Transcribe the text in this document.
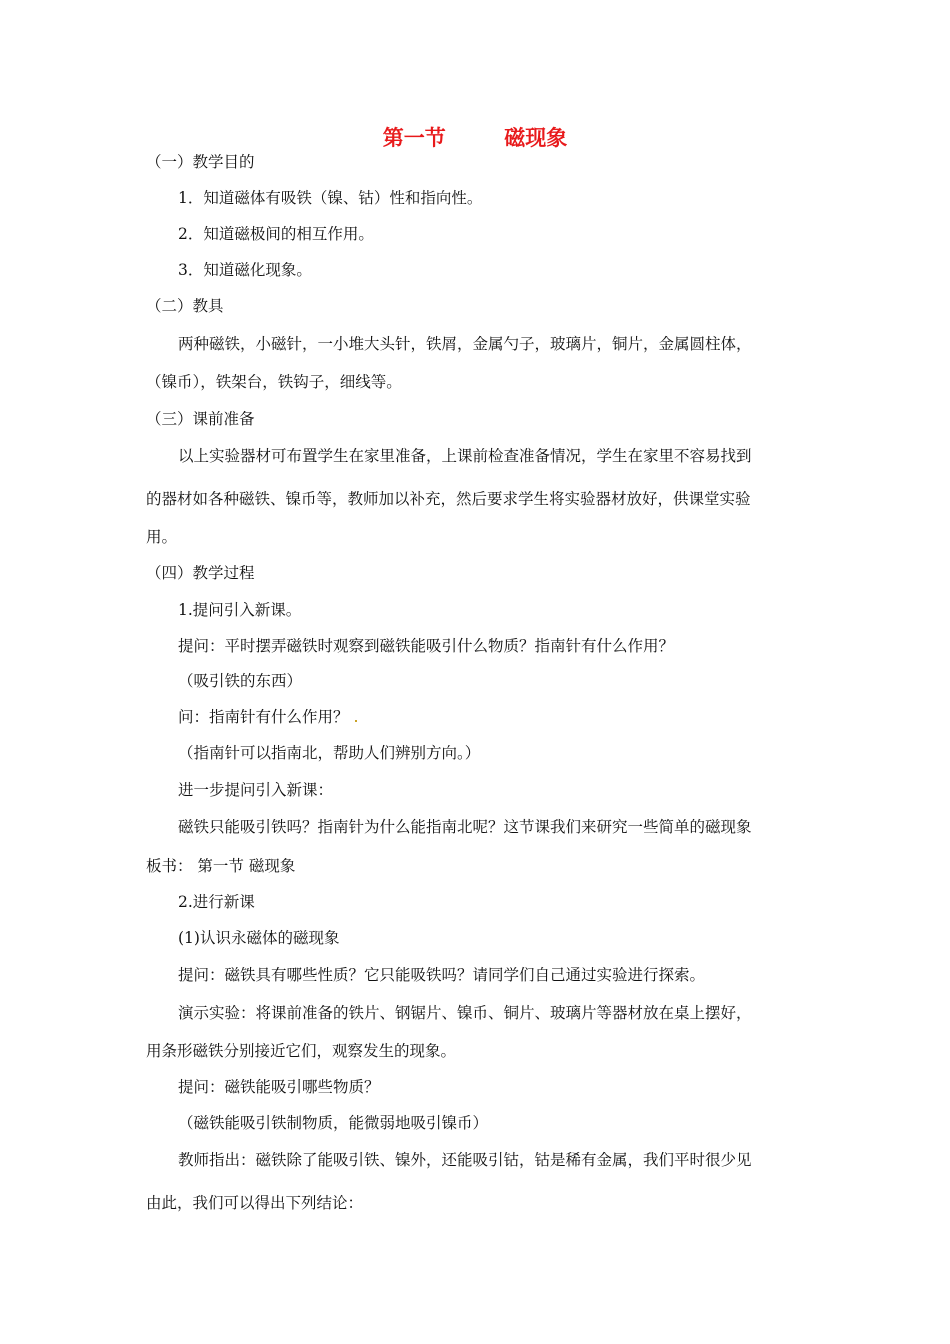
第一节        磁现象
（一）教学目的
1．知道磁体有吸铁（镍、钴）性和指向性。
2．知道磁极间的相互作用。
3．知道磁化现象。
（二）教具
两种磁铁，小磁针，一小堆大头针，铁屑，金属勺子，玻璃片，铜片，金属圆柱体，
（镍币），铁架台，铁钩子，细线等。
（三）课前准备
以上实验器材可布置学生在家里准备，上课前检查准备情况，学生在家里不容易找到
的器材如各种磁铁、镍币等，教师加以补充，然后要求学生将实验器材放好，供课堂实验
用。
（四）教学过程
1.提问引入新课。
提问：平时摆弄磁铁时观察到磁铁能吸引什么物质？指南针有什么作用？
（吸引铁的东西）
问：指南针有什么作用？
（指南针可以指南北，帮助人们辨别方向。）
进一步提问引入新课：
磁铁只能吸引铁吗？指南针为什么能指南北呢？这节课我们来研究一些简单的磁现象
板书： 第一节 磁现象
2.进行新课
(1)认识永磁体的磁现象
提问：磁铁具有哪些性质？它只能吸铁吗？请同学们自己通过实验进行探索。
演示实验：将课前准备的铁片、钢锯片、镍币、铜片、玻璃片等器材放在桌上摆好，
用条形磁铁分别接近它们，观察发生的现象。
提问：磁铁能吸引哪些物质？
（磁铁能吸引铁制物质，能微弱地吸引镍币）
教师指出：磁铁除了能吸引铁、镍外，还能吸引钴，钴是稀有金属，我们平时很少见
由此，我们可以得出下列结论：
